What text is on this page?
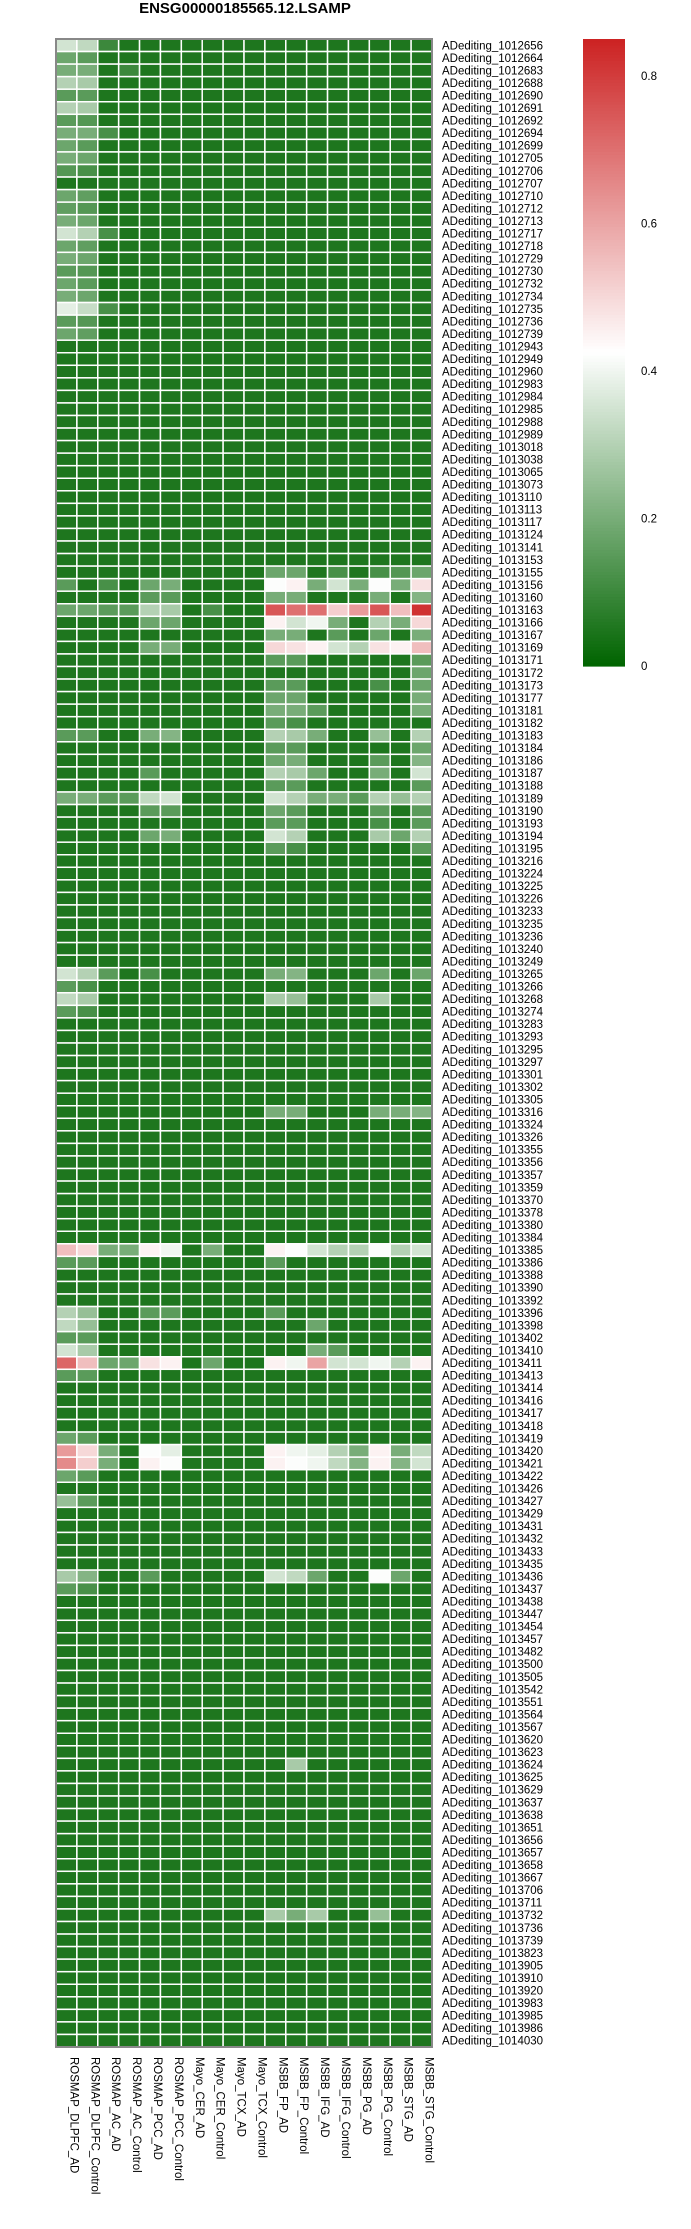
ENSG00000185565.12.LSAMP
ADediting_1012656
ADediting_1012664
ADediting_1012683
ADediting_1012688
ADediting_1012690
ADediting_1012691
ADediting_1012692
ADediting_1012694
ADediting_1012699
ADediting_1012705
ADediting_1012706
ADediting_1012707
ADediting_1012710
ADediting_1012712
ADediting_1012713
ADediting_1012717
ADediting_1012718
ADediting_1012729
ADediting_1012730
ADediting_1012732
ADediting_1012734
ADediting_1012735
ADediting_1012736
ADediting_1012739
ADediting_1012943
ADediting_1012949
ADediting_1012960
ADediting_1012983
ADediting_1012984
ADediting_1012985
ADediting_1012988
ADediting_1012989
ADediting_1013018
ADediting_1013038
ADediting_1013065
ADediting_1013073
ADediting_1013110
ADediting_1013113
ADediting_1013117
ADediting_1013124
ADediting_1013141
ADediting_1013153
ADediting_1013155
ADediting_1013156
ADediting_1013160
ADediting_1013163
ADediting_1013166
ADediting_1013167
ADediting_1013169
ADediting_1013171
ADediting_1013172
ADediting_1013173
ADediting_1013177
ADediting_1013181
ADediting_1013182
ADediting_1013183
ADediting_1013184
ADediting_1013186
ADediting_1013187
ADediting_1013188
ADediting_1013189
ADediting_1013190
ADediting_1013193
ADediting_1013194
ADediting_1013195
ADediting_1013216
ADediting_1013224
ADediting_1013225
ADediting_1013226
ADediting_1013233
ADediting_1013235
ADediting_1013236
ADediting_1013240
ADediting_1013249
ADediting_1013265
ADediting_1013266
ADediting_1013268
ADediting_1013274
ADediting_1013283
ADediting_1013293
ADediting_1013295
ADediting_1013297
ADediting_1013301
ADediting_1013302
ADediting_1013305
ADediting_1013316
ADediting_1013324
ADediting_1013326
ADediting_1013355
ADediting_1013356
ADediting_1013357
ADediting_1013359
ADediting_1013370
ADediting_1013378
ADediting_1013380
ADediting_1013384
ADediting_1013385
ADediting_1013386
ADediting_1013388
ADediting_1013390
ADediting_1013392
ADediting_1013396
ADediting_1013398
ADediting_1013402
ADediting_1013410
ADediting_1013411
ADediting_1013413
ADediting_1013414
ADediting_1013416
ADediting_1013417
ADediting_1013418
ADediting_1013419
ADediting_1013420
ADediting_1013421
ADediting_1013422
ADediting_1013426
ADediting_1013427
ADediting_1013429
ADediting_1013431
ADediting_1013432
ADediting_1013433
ADediting_1013435
ADediting_1013436
ADediting_1013437
ADediting_1013438
ADediting_1013447
ADediting_1013454
ADediting_1013457
ADediting_1013482
ADediting_1013500
ADediting_1013505
ADediting_1013542
ADediting_1013551
ADediting_1013564
ADediting_1013567
ADediting_1013620
ADediting_1013623
ADediting_1013624
ADediting_1013625
ADediting_1013629
ADediting_1013637
ADediting_1013638
ADediting_1013651
ADediting_1013656
ADediting_1013657
ADediting_1013658
ADediting_1013667
ADediting_1013706
ADediting_1013711
ADediting_1013732
ADediting_1013736
ADediting_1013739
ADediting_1013823
ADediting_1013905
ADediting_1013910
ADediting_1013920
ADediting_1013983
ADediting_1013985
ADediting_1013986
ADediting_1014030
ROSMAP_DLPFC_AD ROSMAP_DLPFC_Control ROSMAP_AC_AD ROSMAP_AC_Control ROSMAP_PCC_AD ROSMAP_PCC_Control Mayo_CER_AD Mayo_CER_Control Mayo_TCX_AD Mayo_TCX_Control MSBB_FP_AD MSBB_FP_Control MSBB_IFG_AD MSBB_IFG_Control MSBB_PG_AD MSBB_PG_Control MSBB_STG_AD MSBB_STG_Control
0
0.2
0.4
0.6
0.8
